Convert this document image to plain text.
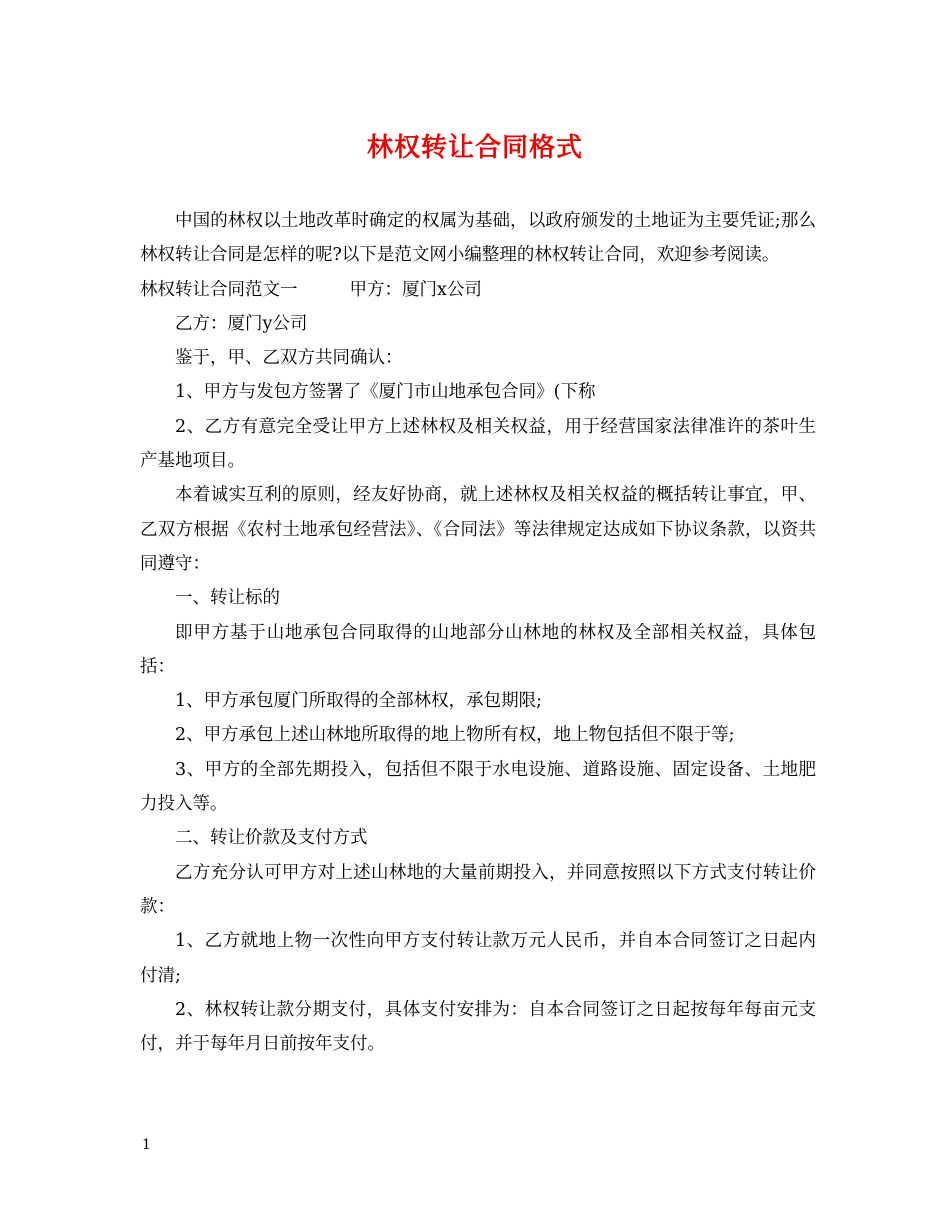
林权转让合同格式

中国的林权以土地改革时确定的权属为基础，以政府颁发的土地证为主要凭证;那么林权转让合同是怎样的呢?以下是范文网小编整理的林权转让合同，欢迎参考阅读。

林权转让合同范文一	甲方：厦门x公司

乙方：厦门y公司

鉴于，甲、乙双方共同确认：

1、甲方与发包方签署了《厦门市山地承包合同》(下称

2、乙方有意完全受让甲方上述林权及相关权益，用于经营国家法律准许的茶叶生产基地项目。

本着诚实互利的原则，经友好协商，就上述林权及相关权益的概括转让事宜，甲、乙双方根据《农村土地承包经营法》、《合同法》等法律规定达成如下协议条款，以资共同遵守：

一、转让标的

即甲方基于山地承包合同取得的山地部分山林地的林权及全部相关权益，具体包括：

1、甲方承包厦门所取得的全部林权，承包期限;

2、甲方承包上述山林地所取得的地上物所有权，地上物包括但不限于等;

3、甲方的全部先期投入，包括但不限于水电设施、道路设施、固定设备、土地肥力投入等。

二、转让价款及支付方式

乙方充分认可甲方对上述山林地的大量前期投入，并同意按照以下方式支付转让价款：

1、乙方就地上物一次性向甲方支付转让款万元人民币，并自本合同签订之日起内付清;

2、林权转让款分期支付，具体支付安排为：自本合同签订之日起按每年每亩元支付，并于每年月日前按年支付。

1
